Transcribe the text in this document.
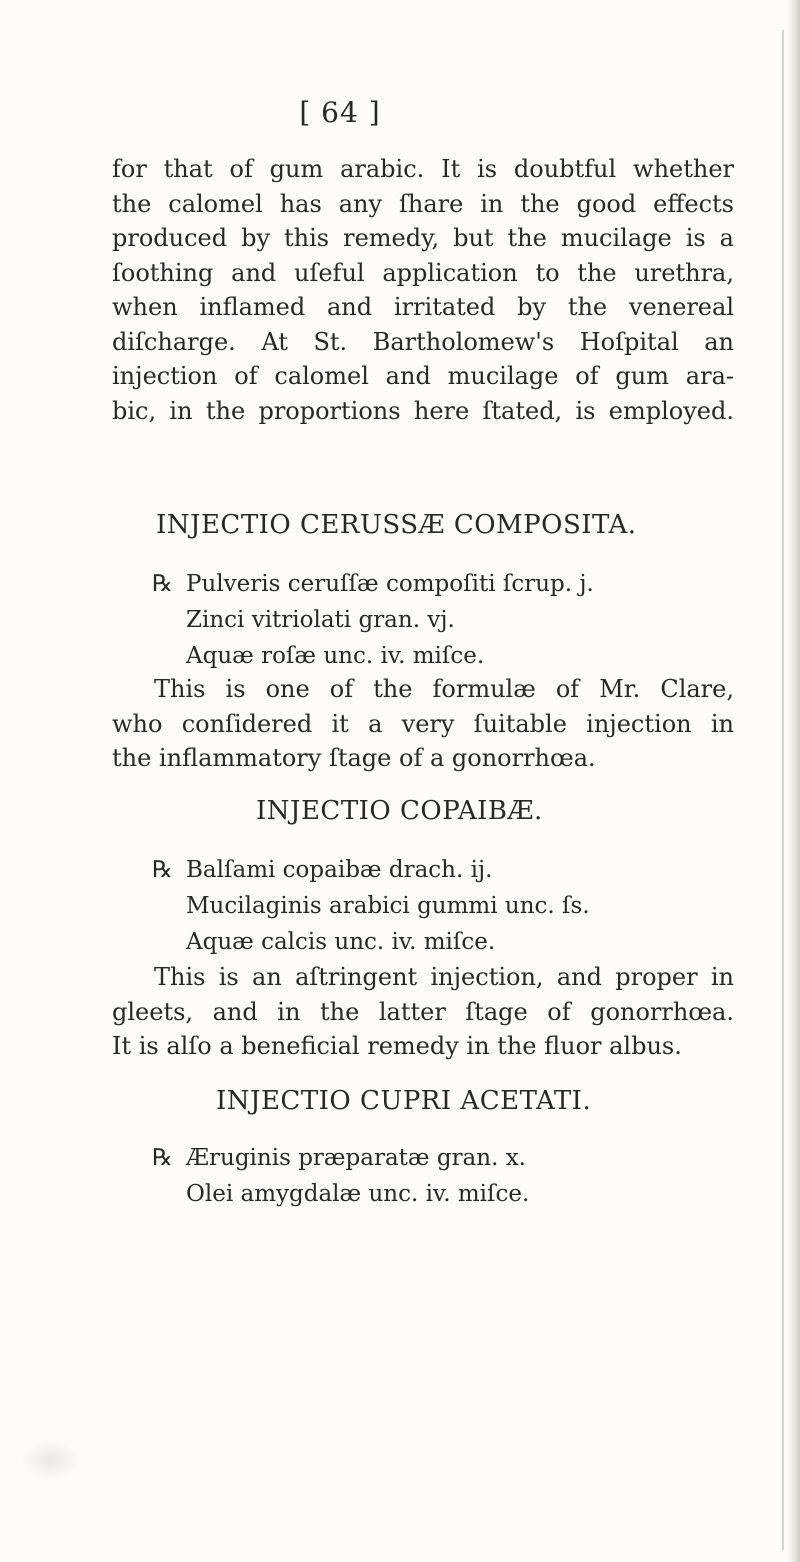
[ 64 ]
for that of gum arabic. It is doubtful whether
the calomel has any ſhare in the good effects
produced by this remedy, but the mucilage is a
ſoothing and uſeful application to the urethra,
when inflamed and irritated by the venereal
diſcharge. At St. Bartholomew's Hoſpital an
injection of calomel and mucilage of gum ara-
bic, in the proportions here ſtated, is employed.
INJECTIO CERUSSÆ COMPOSITA.
℞ Pulveris ceruſſæ compoſiti ſcrup. j.
Zinci vitriolati gran. vj.
Aquæ roſæ unc. iv. miſce.
This is one of the formulæ of Mr. Clare,
who conſidered it a very ſuitable injection in
the inflammatory ſtage of a gonorrhœa.
INJECTIO COPAIBÆ.
℞ Balſami copaibæ drach. ij.
Mucilaginis arabici gummi unc. ſs.
Aquæ calcis unc. iv. miſce.
This is an aſtringent injection, and proper in
gleets, and in the latter ſtage of gonorrhœa.
It is alſo a beneficial remedy in the fluor albus.
INJECTIO CUPRI ACETATI.
℞ Æruginis præparatæ gran. x.
Olei amygdalæ unc. iv. miſce.
